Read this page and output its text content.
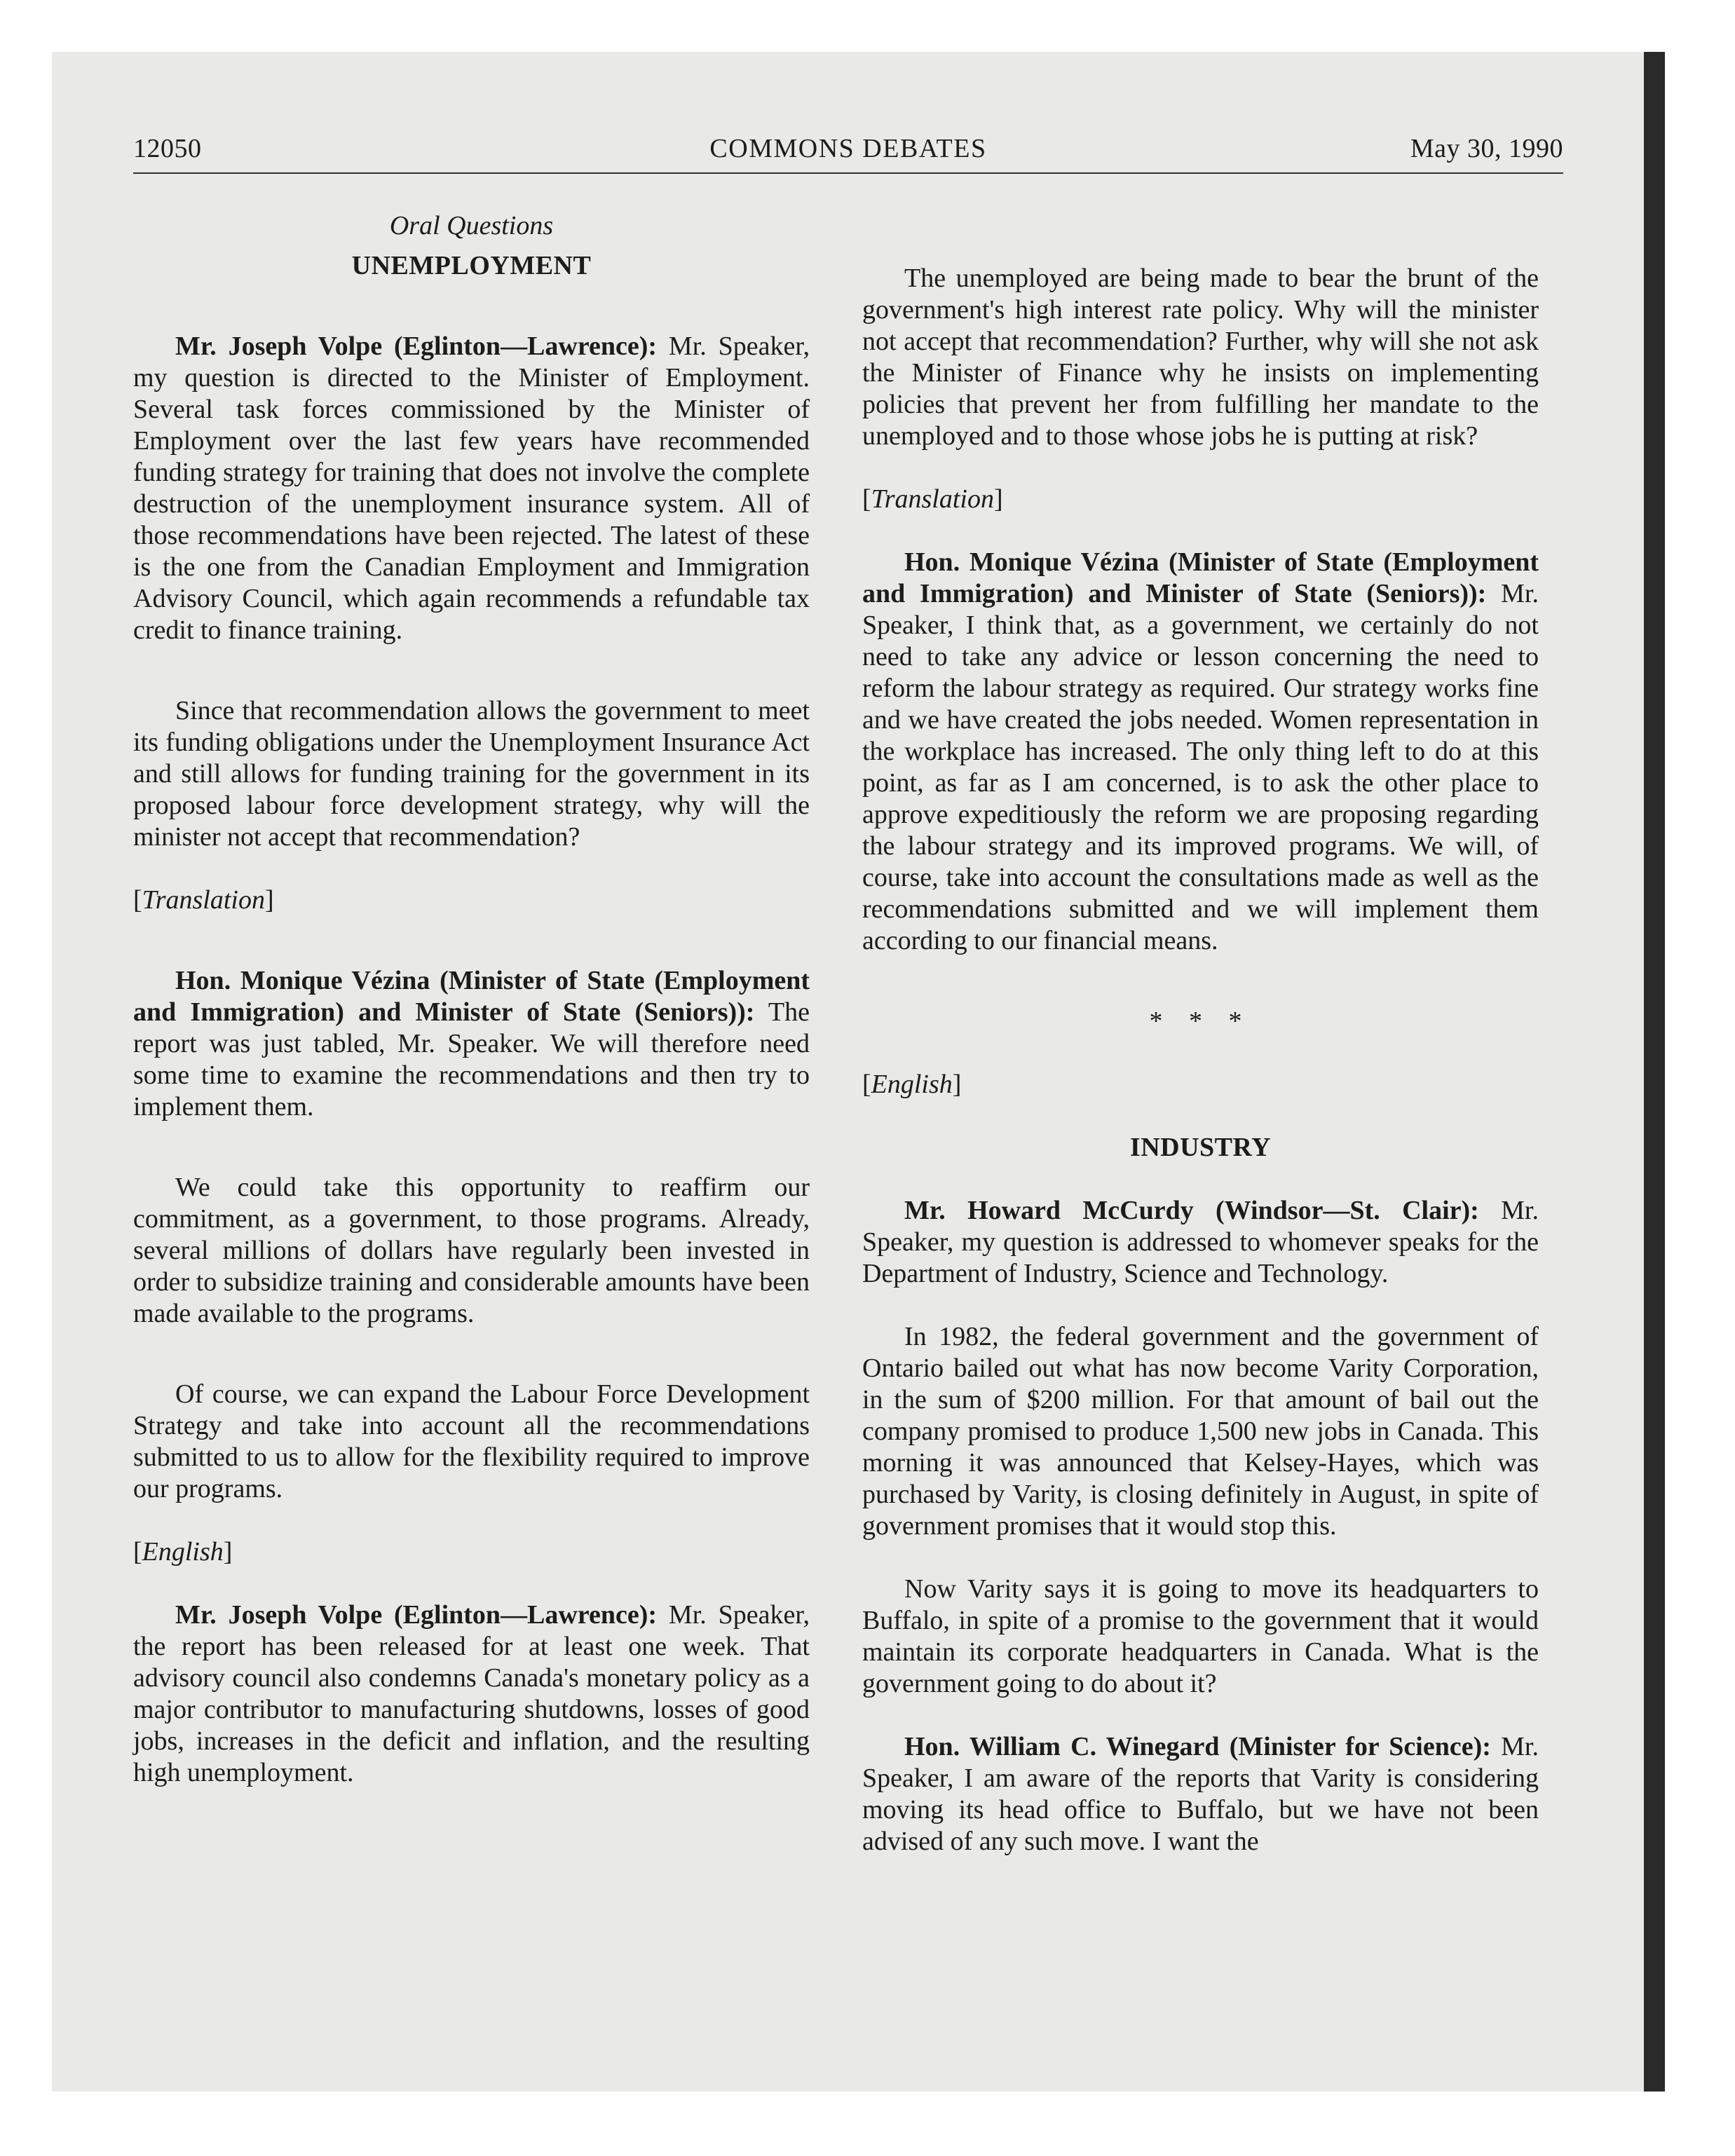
12050	COMMONS DEBATES	May 30, 1990

Oral Questions

UNEMPLOYMENT

Mr. Joseph Volpe (Eglinton—Lawrence): Mr. Speaker, my question is directed to the Minister of Employment. Several task forces commissioned by the Minister of Employment over the last few years have recommended funding strategy for training that does not involve the complete destruction of the unemployment insurance system. All of those recommendations have been rejected. The latest of these is the one from the Canadian Employment and Immigration Advisory Council, which again recommends a refundable tax credit to finance training.

Since that recommendation allows the government to meet its funding obligations under the Unemployment Insurance Act and still allows for funding training for the government in its proposed labour force development strategy, why will the minister not accept that recommendation?

[Translation]

Hon. Monique Vézina (Minister of State (Employment and Immigration) and Minister of State (Seniors)): The report was just tabled, Mr. Speaker. We will therefore need some time to examine the recommendations and then try to implement them.

We could take this opportunity to reaffirm our commitment, as a government, to those programs. Already, several millions of dollars have regularly been invested in order to subsidize training and considerable amounts have been made available to the programs.

Of course, we can expand the Labour Force Development Strategy and take into account all the recommendations submitted to us to allow for the flexibility required to improve our programs.

[English]

Mr. Joseph Volpe (Eglinton—Lawrence): Mr. Speaker, the report has been released for at least one week. That advisory council also condemns Canada's monetary policy as a major contributor to manufacturing shutdowns, losses of good jobs, increases in the deficit and inflation, and the resulting high unemployment.

The unemployed are being made to bear the brunt of the government's high interest rate policy. Why will the minister not accept that recommendation? Further, why will she not ask the Minister of Finance why he insists on implementing policies that prevent her from fulfilling her mandate to the unemployed and to those whose jobs he is putting at risk?

[Translation]

Hon. Monique Vézina (Minister of State (Employment and Immigration) and Minister of State (Seniors)): Mr. Speaker, I think that, as a government, we certainly do not need to take any advice or lesson concerning the need to reform the labour strategy as required. Our strategy works fine and we have created the jobs needed. Women representation in the workplace has increased. The only thing left to do at this point, as far as I am concerned, is to ask the other place to approve expeditiously the reform we are proposing regarding the labour strategy and its improved programs. We will, of course, take into account the consultations made as well as the recommendations submitted and we will implement them according to our financial means.

* * *

[English]

INDUSTRY

Mr. Howard McCurdy (Windsor—St. Clair): Mr. Speaker, my question is addressed to whomever speaks for the Department of Industry, Science and Technology.

In 1982, the federal government and the government of Ontario bailed out what has now become Varity Corporation, in the sum of $200 million. For that amount of bail out the company promised to produce 1,500 new jobs in Canada. This morning it was announced that Kelsey-Hayes, which was purchased by Varity, is closing definitely in August, in spite of government promises that it would stop this.

Now Varity says it is going to move its headquarters to Buffalo, in spite of a promise to the government that it would maintain its corporate headquarters in Canada. What is the government going to do about it?

Hon. William C. Winegard (Minister for Science): Mr. Speaker, I am aware of the reports that Varity is considering moving its head office to Buffalo, but we have not been advised of any such move. I want the
